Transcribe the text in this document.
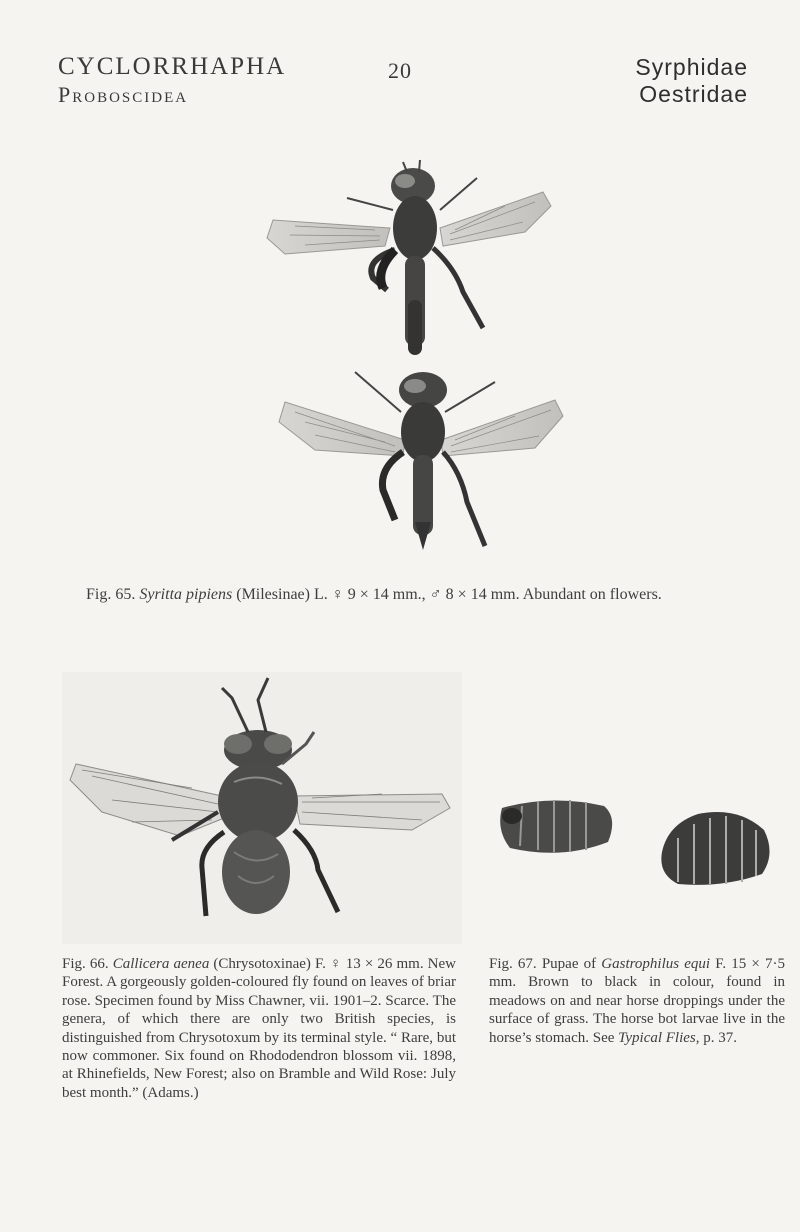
CYCLORRHAPHA
Proboscidea
20	Syrphidae
Oestridae
Fig. 65. Syritta pipiens (Milesinae) L. ♀ 9 × 14 mm., ♂ 8 × 14 mm. Abundant on flowers.
Fig. 66. Callicera aenea (Chrysotoxinae) F. ♀ 13 × 26 mm. New Forest. A gorgeously golden-coloured fly found on leaves of briar rose. Specimen found by Miss Chawner, vii. 1901–2. Scarce. The genera, of which there are only two British species, is distinguished from Chrysotoxum by its terminal style. “ Rare, but now commoner. Six found on Rhododendron blossom vii. 1898, at Rhinefields, New Forest; also on Bramble and Wild Rose: July best month.” (Adams.)
Fig. 67. Pupae of Gastrophilus equi F. 15 × 7·5 mm. Brown to black in colour, found in meadows on and near horse droppings under the surface of grass. The horse bot larvae live in the horse’s stomach. See Typical Flies, p. 37.
